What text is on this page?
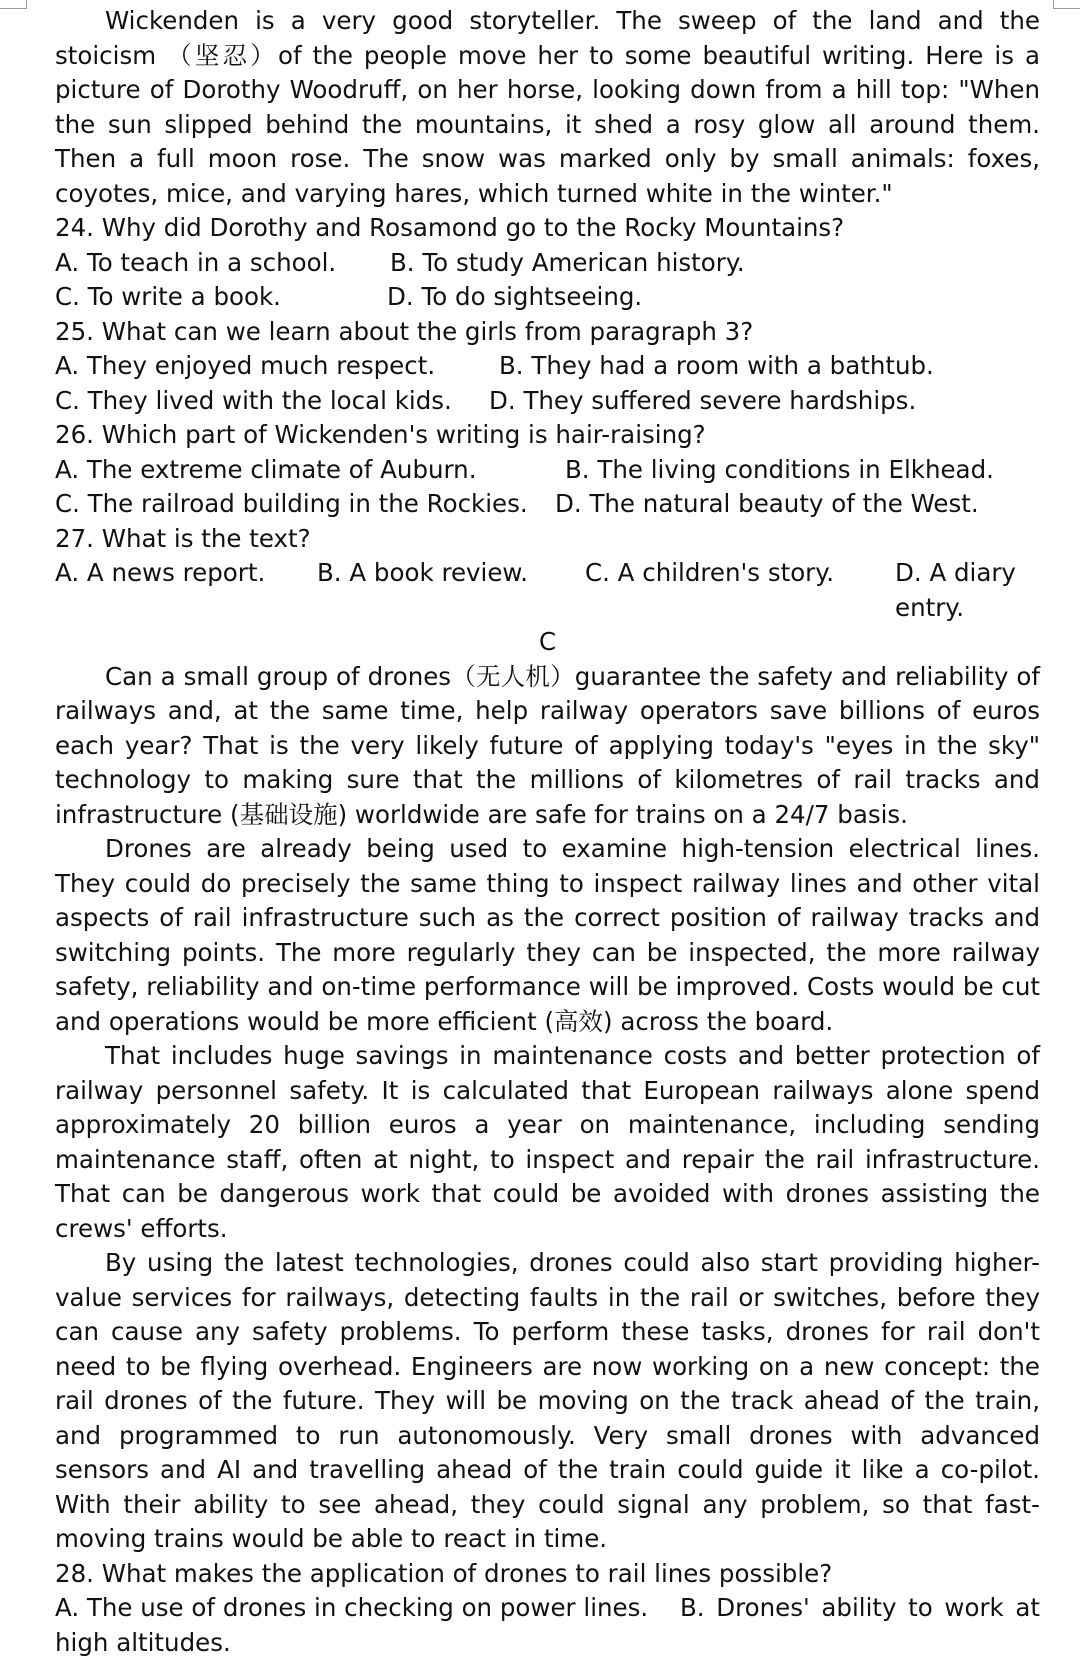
Wickenden is a very good storyteller. The sweep of the land and the stoicism （坚忍）of the people move her to some beautiful writing. Here is a picture of Dorothy Woodruff, on her horse, looking down from a hill top: "When the sun slipped behind the mountains, it shed a rosy glow all around them. Then a full moon rose. The snow was marked only by small animals: foxes, coyotes, mice, and varying hares, which turned white in the winter."

24. Why did Dorothy and Rosamond go to the Rocky Mountains?

A. To teach in a school.	B. To study American history.
C. To write a book.	D. To do sightseeing.

25. What can we learn about the girls from paragraph 3?

A. They enjoyed much respect.	B. They had a room with a bathtub.
C. They lived with the local kids.	D. They suffered severe hardships.

26. Which part of Wickenden's writing is hair-raising?

A. The extreme climate of Auburn.	B. The living conditions in Elkhead.
C. The railroad building in the Rockies.	D. The natural beauty of the West.

27. What is the text?

A. A news report.	B. A book review.	C. A children's story.	D. A diary entry.

C

Can a small group of drones（无人机）guarantee the safety and reliability of railways and, at the same time, help railway operators save billions of euros each year? That is the very likely future of applying today's "eyes in the sky" technology to making sure that the millions of kilometres of rail tracks and infrastructure (基础设施) worldwide are safe for trains on a 24/7 basis.

Drones are already being used to examine high-tension electrical lines. They could do precisely the same thing to inspect railway lines and other vital aspects of rail infrastructure such as the correct position of railway tracks and switching points. The more regularly they can be inspected, the more railway safety, reliability and on-time performance will be improved. Costs would be cut and operations would be more efficient (高效) across the board.

That includes huge savings in maintenance costs and better protection of railway personnel safety. It is calculated that European railways alone spend approximately 20 billion euros a year on maintenance, including sending maintenance staff, often at night, to inspect and repair the rail infrastructure. That can be dangerous work that could be avoided with drones assisting the crews' efforts.

By using the latest technologies, drones could also start providing higher-value services for railways, detecting faults in the rail or switches, before they can cause any safety problems. To perform these tasks, drones for rail don't need to be flying overhead. Engineers are now working on a new concept: the rail drones of the future. They will be moving on the track ahead of the train, and programmed to run autonomously. Very small drones with advanced sensors and AI and travelling ahead of the train could guide it like a co-pilot. With their ability to see ahead, they could signal any problem, so that fast-moving trains would be able to react in time.

28. What makes the application of drones to rail lines possible?

A. The use of drones in checking on power lines. B. Drones' ability to work at high altitudes.
